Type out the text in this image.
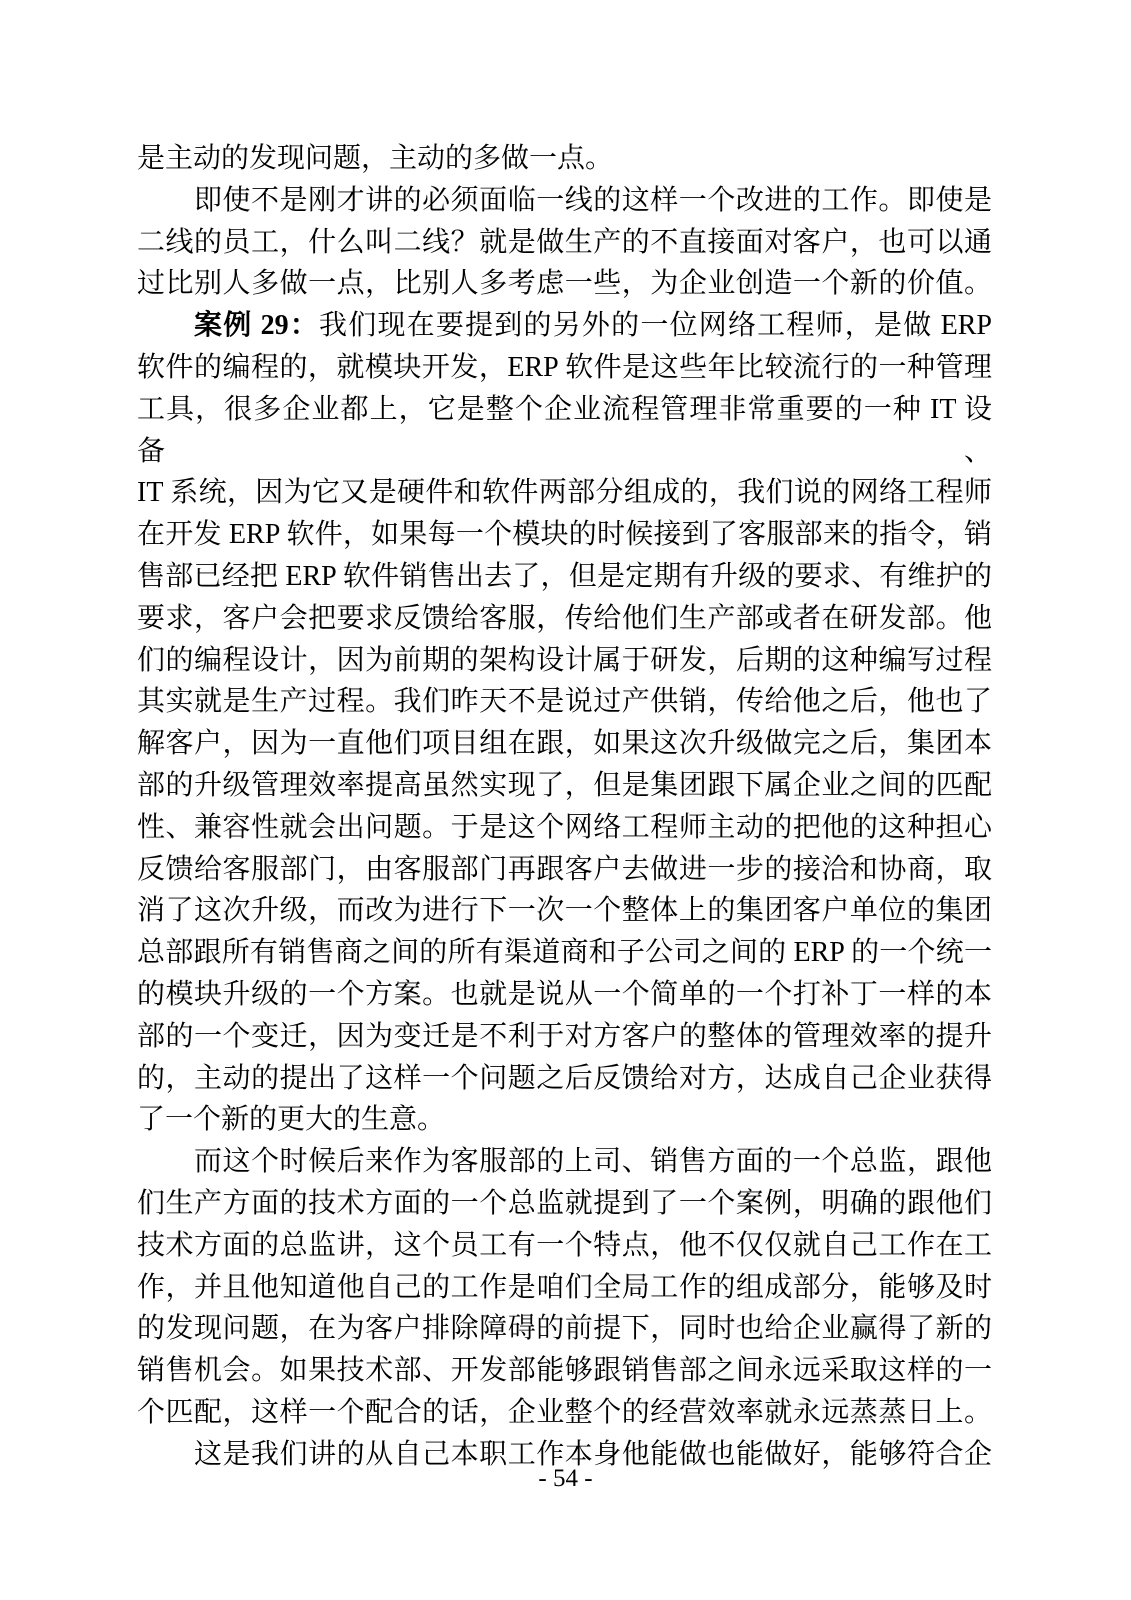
是主动的发现问题，主动的多做一点。
即使不是刚才讲的必须面临一线的这样一个改进的工作。即使是
二线的员工，什么叫二线？就是做生产的不直接面对客户，也可以通
过比别人多做一点，比别人多考虑一些，为企业创造一个新的价值。
案例 29：我们现在要提到的另外的一位网络工程师，是做 ERP
软件的编程的，就模块开发，ERP 软件是这些年比较流行的一种管理
工具，很多企业都上，它是整个企业流程管理非常重要的一种 IT 设备、
IT 系统，因为它又是硬件和软件两部分组成的，我们说的网络工程师
在开发 ERP 软件，如果每一个模块的时候接到了客服部来的指令，销
售部已经把 ERP 软件销售出去了，但是定期有升级的要求、有维护的
要求，客户会把要求反馈给客服，传给他们生产部或者在研发部。他
们的编程设计，因为前期的架构设计属于研发，后期的这种编写过程
其实就是生产过程。我们昨天不是说过产供销，传给他之后，他也了
解客户，因为一直他们项目组在跟，如果这次升级做完之后，集团本
部的升级管理效率提高虽然实现了，但是集团跟下属企业之间的匹配
性、兼容性就会出问题。于是这个网络工程师主动的把他的这种担心
反馈给客服部门，由客服部门再跟客户去做进一步的接洽和协商，取
消了这次升级，而改为进行下一次一个整体上的集团客户单位的集团
总部跟所有销售商之间的所有渠道商和子公司之间的 ERP 的一个统一
的模块升级的一个方案。也就是说从一个简单的一个打补丁一样的本
部的一个变迁，因为变迁是不利于对方客户的整体的管理效率的提升
的，主动的提出了这样一个问题之后反馈给对方，达成自己企业获得
了一个新的更大的生意。
而这个时候后来作为客服部的上司、销售方面的一个总监，跟他
们生产方面的技术方面的一个总监就提到了一个案例，明确的跟他们
技术方面的总监讲，这个员工有一个特点，他不仅仅就自己工作在工
作，并且他知道他自己的工作是咱们全局工作的组成部分，能够及时
的发现问题，在为客户排除障碍的前提下，同时也给企业赢得了新的
销售机会。如果技术部、开发部能够跟销售部之间永远采取这样的一
个匹配，这样一个配合的话，企业整个的经营效率就永远蒸蒸日上。
这是我们讲的从自己本职工作本身他能做也能做好，能够符合企
- 54 -
